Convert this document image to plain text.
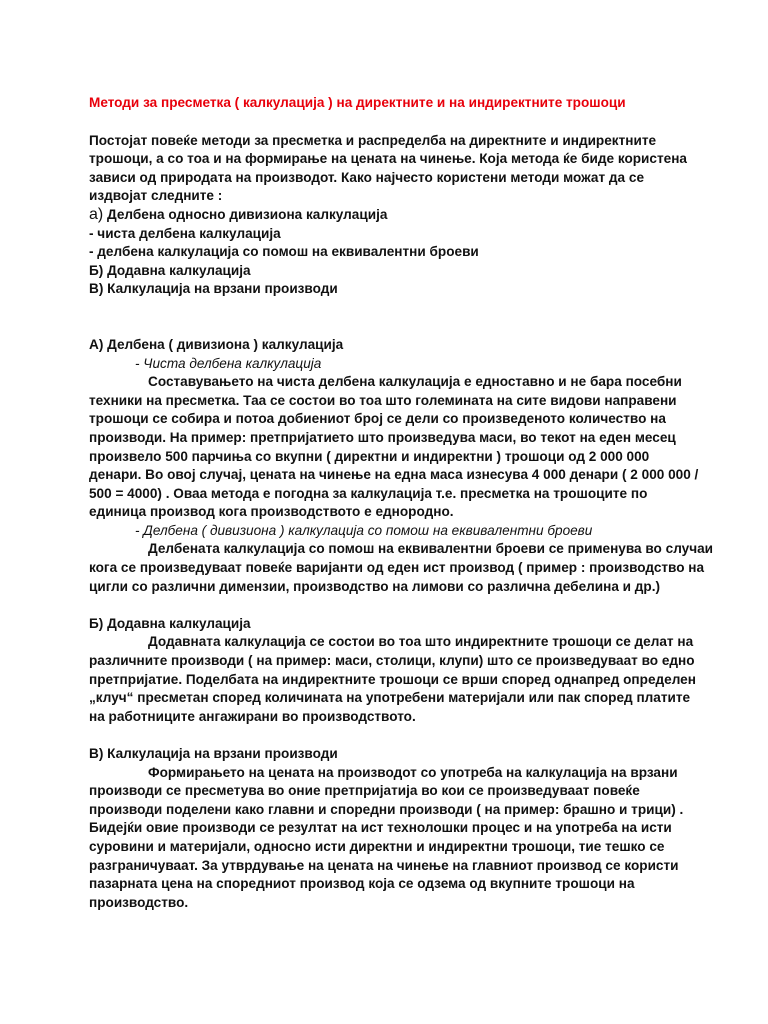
Методи за пресметка ( калкулација ) на директните и на индиректните трошоци
Постојат повеќе методи за пресметка и распределба на директните и индиректните
трошоци, а со тоа и на формирање на цената на чинење. Која метода ќе биде користена
зависи од природата на производот. Како најчесто користени методи можат да се
издвојат следните :
а) Делбена односно дивизиона калкулација
- чиста делбена калкулација
- делбена калкулација со помош на еквивалентни броеви
Б) Додавна калкулација
В) Калкулација на врзани производи
А) Делбена ( дивизиона ) калкулација
- Чиста делбена калкулација
Составувањето на чиста делбена калкулација е едноставно и не бара посебни
техники на пресметка. Таа се состои во тоа што големината на сите видови направени
трошоци се собира и потоа добиениот број се дели со произведеното количество на
производи. На пример: претпријатието што произведува маси, во текот на еден месец
произвело 500 парчиња со вкупни ( директни и индиректни ) трошоци од 2 000 000
денари. Во овој случај, цената на чинење на една маса изнесува 4 000 денари ( 2 000 000 /
500 = 4000) . Оваа метода е погодна за калкулација т.е. пресметка на трошоците по
единица производ кога производството е еднородно.
- Делбена ( дивизиона ) калкулација со помош на еквивалентни броеви
Делбената калкулација со помош на еквивалентни броеви се применува во случаи
кога се произведуваат повеќе варијанти од еден ист производ ( пример : производство на
цигли со различни димензии, производство на лимови со различна дебелина и др.)
Б) Додавна калкулација
Додавната калкулација се состои во тоа што индиректните трошоци се делат на
различните производи ( на пример: маси, столици, клупи) што се произведуваат во едно
претпријатие. Поделбата на индиректните трошоци се врши според однапред определен
„клуч“ пресметан според количината на употребени материјали или пак според платите
на работниците ангажирани во производството.
В) Калкулација на врзани производи
Формирањето на цената на производот со употреба на калкулација на врзани
производи се пресметува во оние претпријатија во кои се произведуваат повеќе
производи поделени како главни и споредни производи ( на пример: брашно и трици) .
Бидејќи овие производи се резултат на ист технолошки процес и на употреба на исти
суровини и материјали, односно исти директни и индиректни трошоци, тие тешко се
разграничуваат. За утврдување на цената на чинење на главниот производ се користи
пазарната цена на споредниот производ која се одзема од вкупните трошоци на
производство.
